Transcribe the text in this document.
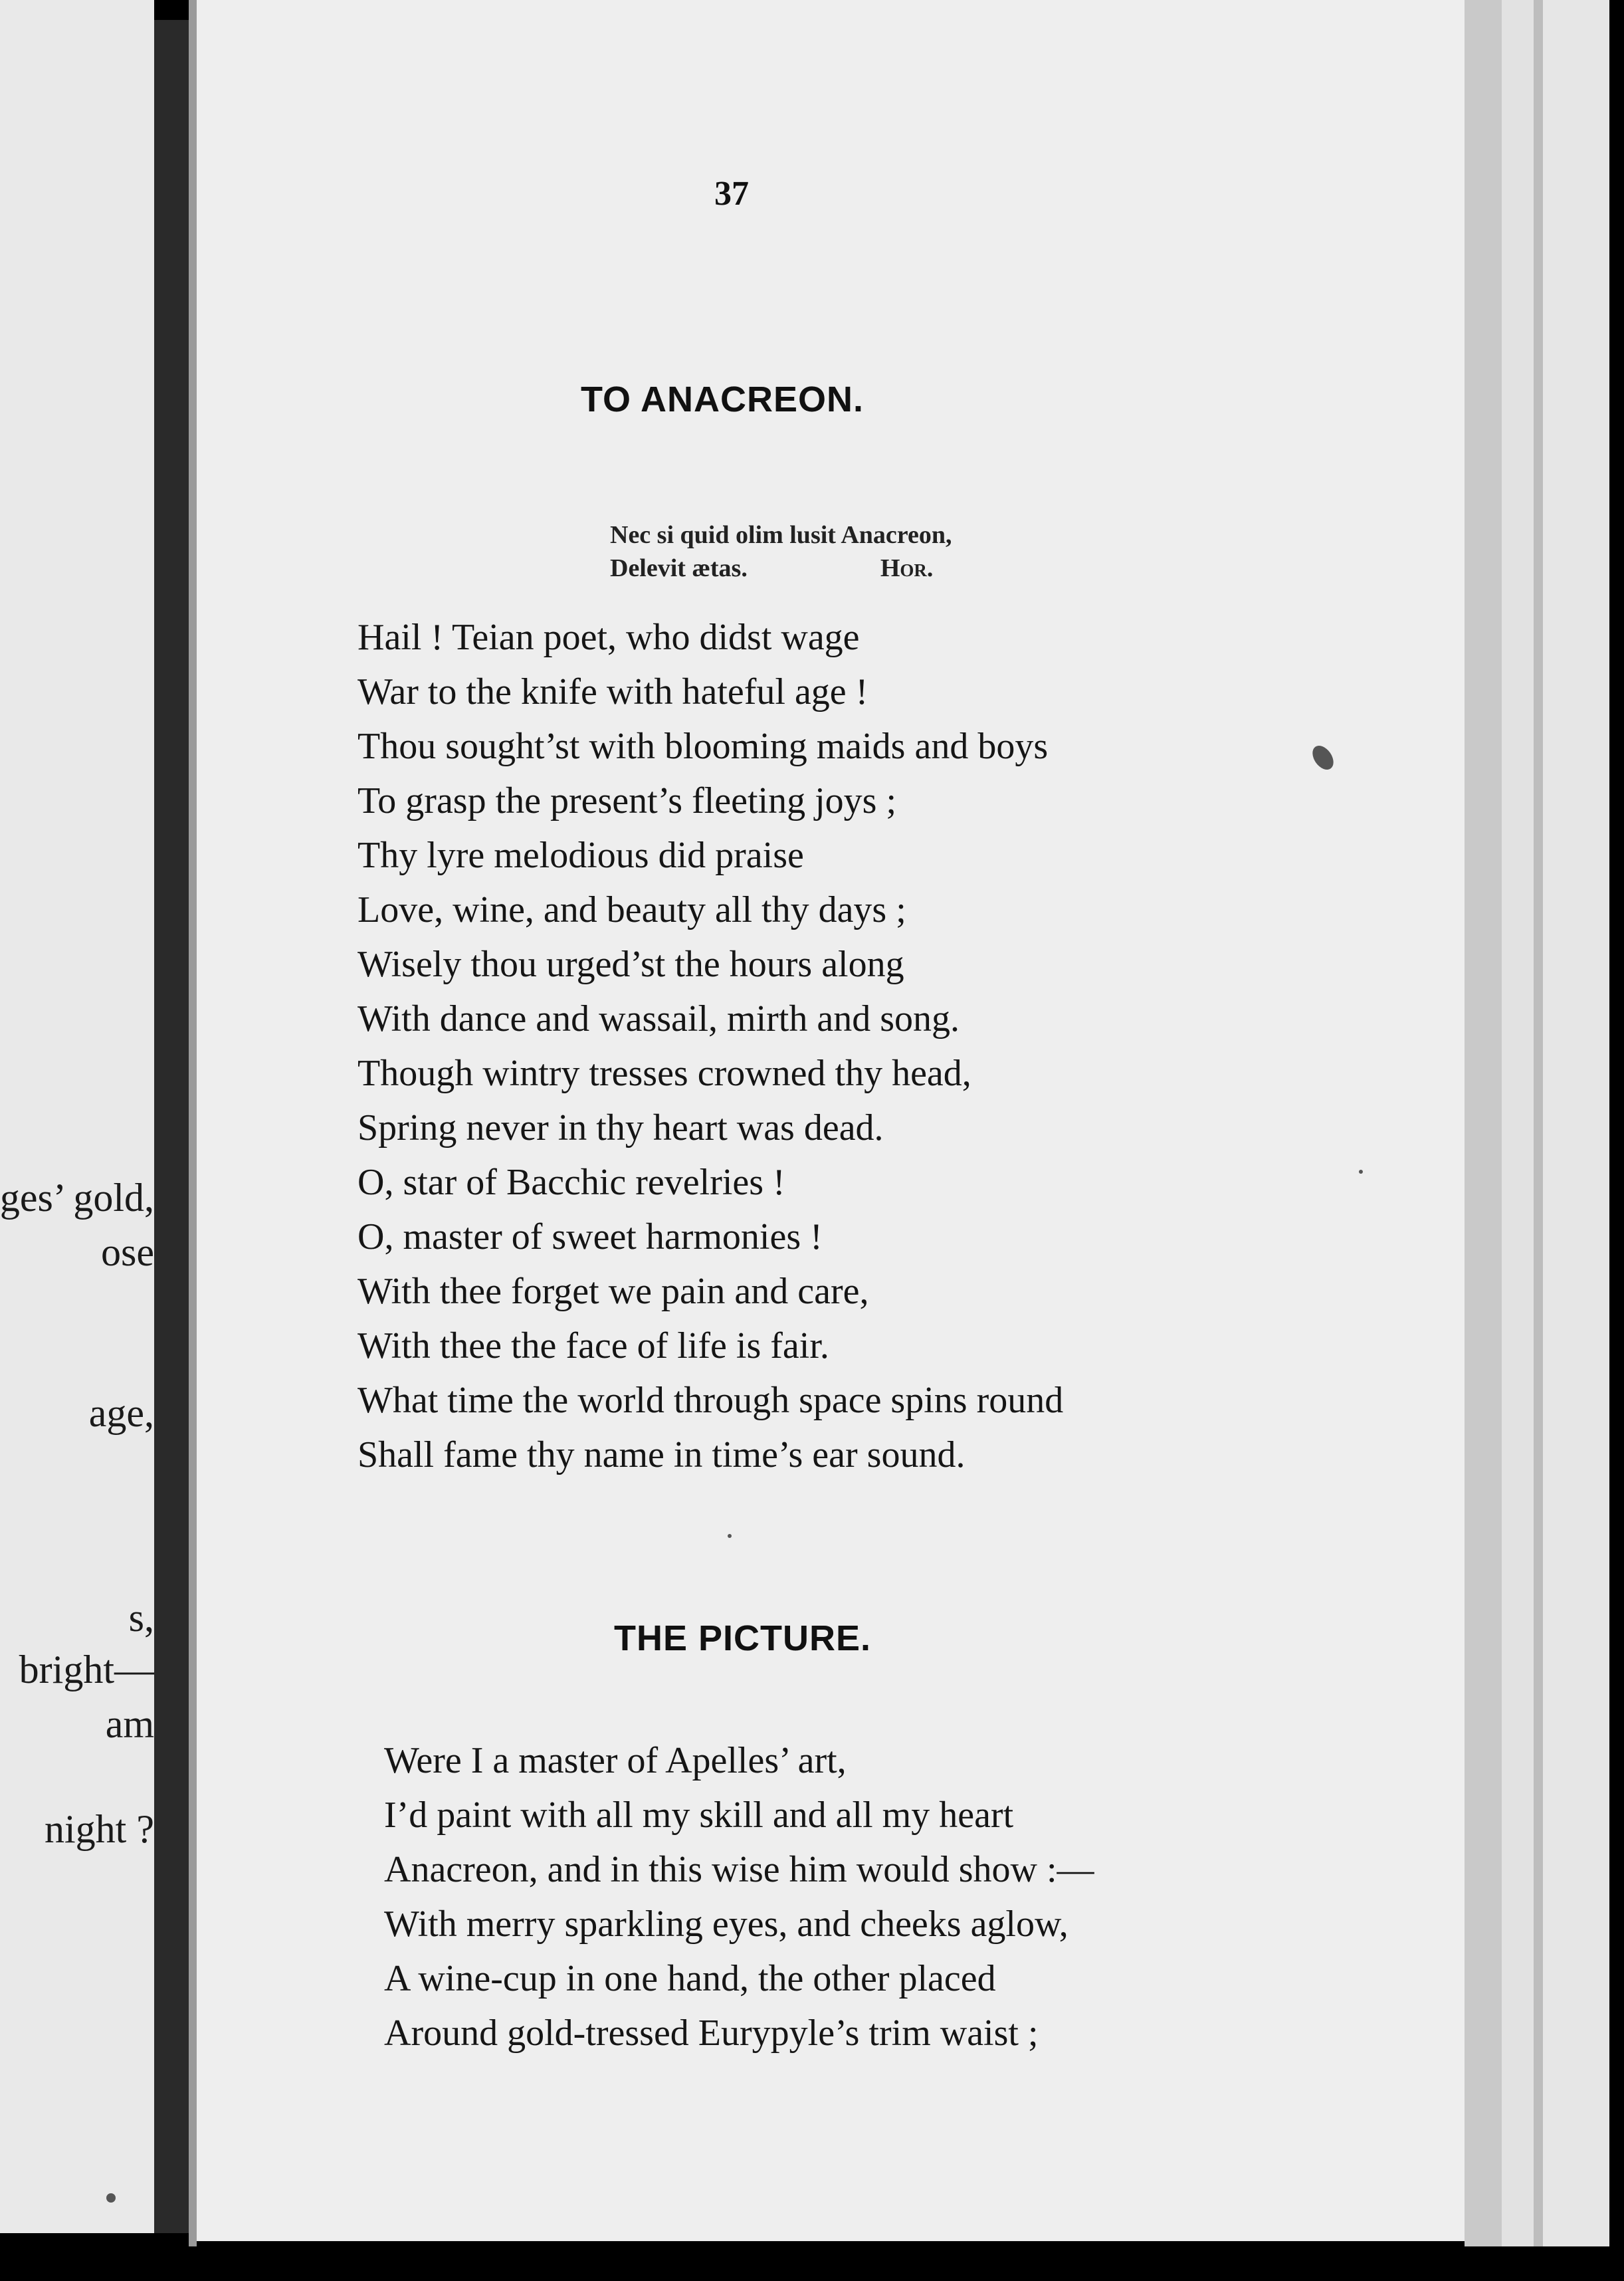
ges’ gold,
ose
age,
s,
bright—
am
night ?
37
TO ANACREON.
Nec si quid olim lusit Anacreon,
Delevit ætas.	Hor.
Hail ! Teian poet, who didst wage
War to the knife with hateful age !
Thou sought’st with blooming maids and boys
To grasp the present’s fleeting joys ;
Thy lyre melodious did praise
Love, wine, and beauty all thy days ;
Wisely thou urged’st the hours along
With dance and wassail, mirth and song.
Though wintry tresses crowned thy head,
Spring never in thy heart was dead.
O, star of Bacchic revelries !
O, master of sweet harmonies !
With thee forget we pain and care,
With thee the face of life is fair.
What time the world through space spins round
Shall fame thy name in time’s ear sound.
THE PICTURE.
Were I a master of Apelles’ art,
I’d paint with all my skill and all my heart
Anacreon, and in this wise him would show :—
With merry sparkling eyes, and cheeks aglow,
A wine-cup in one hand, the other placed
Around gold-tressed Eurypyle’s trim waist ;
